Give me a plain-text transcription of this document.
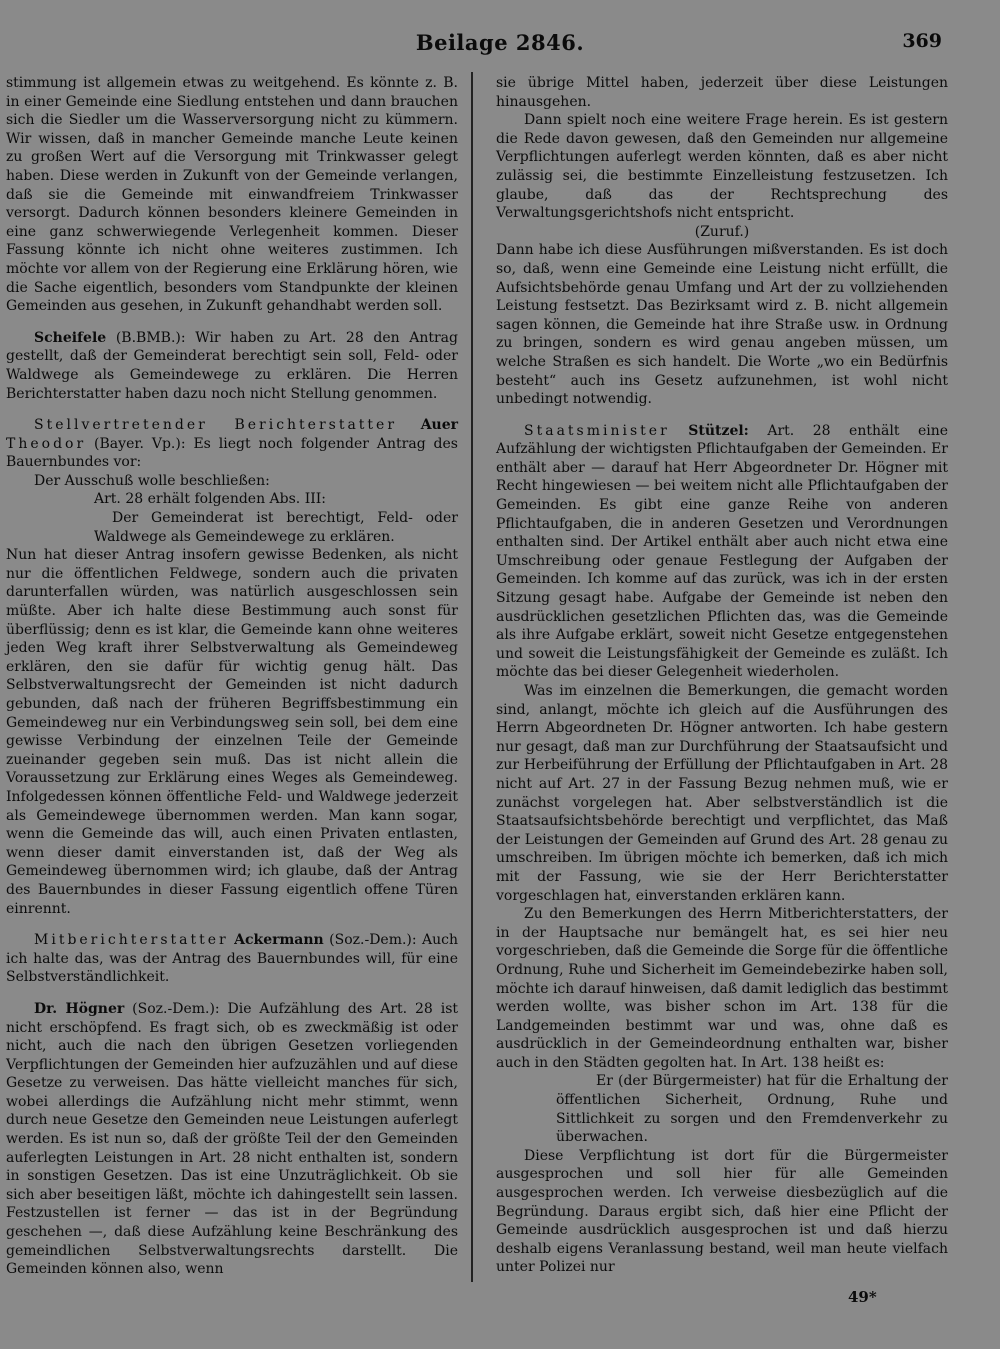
Beilage 2846.	369

stimmung ist allgemein etwas zu weitgehend. Es könnte z. B. in einer Gemeinde eine Siedlung entstehen und dann brauchen sich die Siedler um die Wasserversorgung nicht zu kümmern. Wir wissen, daß in mancher Gemeinde manche Leute keinen zu großen Wert auf die Versorgung mit Trinkwasser gelegt haben. Diese werden in Zukunft von der Gemeinde verlangen, daß sie die Gemeinde mit einwandfreiem Trinkwasser versorgt. Dadurch können besonders kleinere Gemeinden in eine ganz schwerwiegende Verlegenheit kommen. Dieser Fassung könnte ich nicht ohne weiteres zustimmen. Ich möchte vor allem von der Regierung eine Erklärung hören, wie die Sache eigentlich, besonders vom Standpunkte der kleinen Gemeinden aus gesehen, in Zukunft gehandhabt werden soll.

Scheifele (B.BMB.): Wir haben zu Art. 28 den Antrag gestellt, daß der Gemeinderat berechtigt sein soll, Feld- oder Waldwege als Gemeindewege zu erklären. Die Herren Berichterstatter haben dazu noch nicht Stellung genommen.

Stellvertretender Berichterstatter Auer Theodor (Bayer. Vp.): Es liegt noch folgender Antrag des Bauernbundes vor:

Der Ausschuß wolle beschließen:

Art. 28 erhält folgenden Abs. III:

Der Gemeinderat ist berechtigt, Feld- oder Waldwege als Gemeindewege zu erklären.

Nun hat dieser Antrag insofern gewisse Bedenken, als nicht nur die öffentlichen Feldwege, sondern auch die privaten darunterfallen würden, was natürlich ausgeschlossen sein müßte. Aber ich halte diese Bestimmung auch sonst für überflüssig; denn es ist klar, die Gemeinde kann ohne weiteres jeden Weg kraft ihrer Selbstverwaltung als Gemeindeweg erklären, den sie dafür für wichtig genug hält. Das Selbstverwaltungsrecht der Gemeinden ist nicht dadurch gebunden, daß nach der früheren Begriffsbestimmung ein Gemeindeweg nur ein Verbindungsweg sein soll, bei dem eine gewisse Verbindung der einzelnen Teile der Gemeinde zueinander gegeben sein muß. Das ist nicht allein die Voraussetzung zur Erklärung eines Weges als Gemeindeweg. Infolgedessen können öffentliche Feld- und Waldwege jederzeit als Gemeindewege übernommen werden. Man kann sogar, wenn die Gemeinde das will, auch einen Privaten entlasten, wenn dieser damit einverstanden ist, daß der Weg als Gemeindeweg übernommen wird; ich glaube, daß der Antrag des Bauernbundes in dieser Fassung eigentlich offene Türen einrennt.

Mitberichterstatter Ackermann (Soz.-Dem.): Auch ich halte das, was der Antrag des Bauernbundes will, für eine Selbstverständlichkeit.

Dr. Högner (Soz.-Dem.): Die Aufzählung des Art. 28 ist nicht erschöpfend. Es fragt sich, ob es zweckmäßig ist oder nicht, auch die nach den übrigen Gesetzen vorliegenden Verpflichtungen der Gemeinden hier aufzuzählen und auf diese Gesetze zu verweisen. Das hätte vielleicht manches für sich, wobei allerdings die Aufzählung nicht mehr stimmt, wenn durch neue Gesetze den Gemeinden neue Leistungen auferlegt werden. Es ist nun so, daß der größte Teil der den Gemeinden auferlegten Leistungen in Art. 28 nicht enthalten ist, sondern in sonstigen Gesetzen. Das ist eine Unzuträglichkeit. Ob sie sich aber beseitigen läßt, möchte ich dahingestellt sein lassen. Festzustellen ist ferner — das ist in der Begründung geschehen —, daß diese Aufzählung keine Beschränkung des gemeindlichen Selbstverwaltungsrechts darstellt. Die Gemeinden können also, wenn

sie übrige Mittel haben, jederzeit über diese Leistungen hinausgehen.

Dann spielt noch eine weitere Frage herein. Es ist gestern die Rede davon gewesen, daß den Gemeinden nur allgemeine Verpflichtungen auferlegt werden könnten, daß es aber nicht zulässig sei, die bestimmte Einzelleistung festzusetzen. Ich glaube, daß das der Rechtsprechung des Verwaltungsgerichtshofs nicht entspricht.

(Zuruf.)

Dann habe ich diese Ausführungen mißverstanden. Es ist doch so, daß, wenn eine Gemeinde eine Leistung nicht erfüllt, die Aufsichtsbehörde genau Umfang und Art der zu vollziehenden Leistung festsetzt. Das Bezirksamt wird z. B. nicht allgemein sagen können, die Gemeinde hat ihre Straße usw. in Ordnung zu bringen, sondern es wird genau angeben müssen, um welche Straßen es sich handelt. Die Worte „wo ein Bedürfnis besteht“ auch ins Gesetz aufzunehmen, ist wohl nicht unbedingt notwendig.

Staatsminister Stützel: Art. 28 enthält eine Aufzählung der wichtigsten Pflichtaufgaben der Gemeinden. Er enthält aber — darauf hat Herr Abgeordneter Dr. Högner mit Recht hingewiesen — bei weitem nicht alle Pflichtaufgaben der Gemeinden. Es gibt eine ganze Reihe von anderen Pflichtaufgaben, die in anderen Gesetzen und Verordnungen enthalten sind. Der Artikel enthält aber auch nicht etwa eine Umschreibung oder genaue Festlegung der Aufgaben der Gemeinden. Ich komme auf das zurück, was ich in der ersten Sitzung gesagt habe. Aufgabe der Gemeinde ist neben den ausdrücklichen gesetzlichen Pflichten das, was die Gemeinde als ihre Aufgabe erklärt, soweit nicht Gesetze entgegenstehen und soweit die Leistungsfähigkeit der Gemeinde es zuläßt. Ich möchte das bei dieser Gelegenheit wiederholen.

Was im einzelnen die Bemerkungen, die gemacht worden sind, anlangt, möchte ich gleich auf die Ausführungen des Herrn Abgeordneten Dr. Högner antworten. Ich habe gestern nur gesagt, daß man zur Durchführung der Staatsaufsicht und zur Herbeiführung der Erfüllung der Pflichtaufgaben in Art. 28 nicht auf Art. 27 in der Fassung Bezug nehmen muß, wie er zunächst vorgelegen hat. Aber selbstverständlich ist die Staatsaufsichtsbehörde berechtigt und verpflichtet, das Maß der Leistungen der Gemeinden auf Grund des Art. 28 genau zu umschreiben. Im übrigen möchte ich bemerken, daß ich mich mit der Fassung, wie sie der Herr Berichterstatter vorgeschlagen hat, einverstanden erklären kann.

Zu den Bemerkungen des Herrn Mitberichterstatters, der in der Hauptsache nur bemängelt hat, es sei hier neu vorgeschrieben, daß die Gemeinde die Sorge für die öffentliche Ordnung, Ruhe und Sicherheit im Gemeindebezirke haben soll, möchte ich darauf hinweisen, daß damit lediglich das bestimmt werden wollte, was bisher schon im Art. 138 für die Landgemeinden bestimmt war und was, ohne daß es ausdrücklich in der Gemeindeordnung enthalten war, bisher auch in den Städten gegolten hat. In Art. 138 heißt es:

Er (der Bürgermeister) hat für die Erhaltung der öffentlichen Sicherheit, Ordnung, Ruhe und Sittlichkeit zu sorgen und den Fremdenverkehr zu überwachen.

Diese Verpflichtung ist dort für die Bürgermeister ausgesprochen und soll hier für alle Gemeinden ausgesprochen werden. Ich verweise diesbezüglich auf die Begründung. Daraus ergibt sich, daß hier eine Pflicht der Gemeinde ausdrücklich ausgesprochen ist und daß hierzu deshalb eigens Veranlassung bestand, weil man heute vielfach unter Polizei nur

49*
